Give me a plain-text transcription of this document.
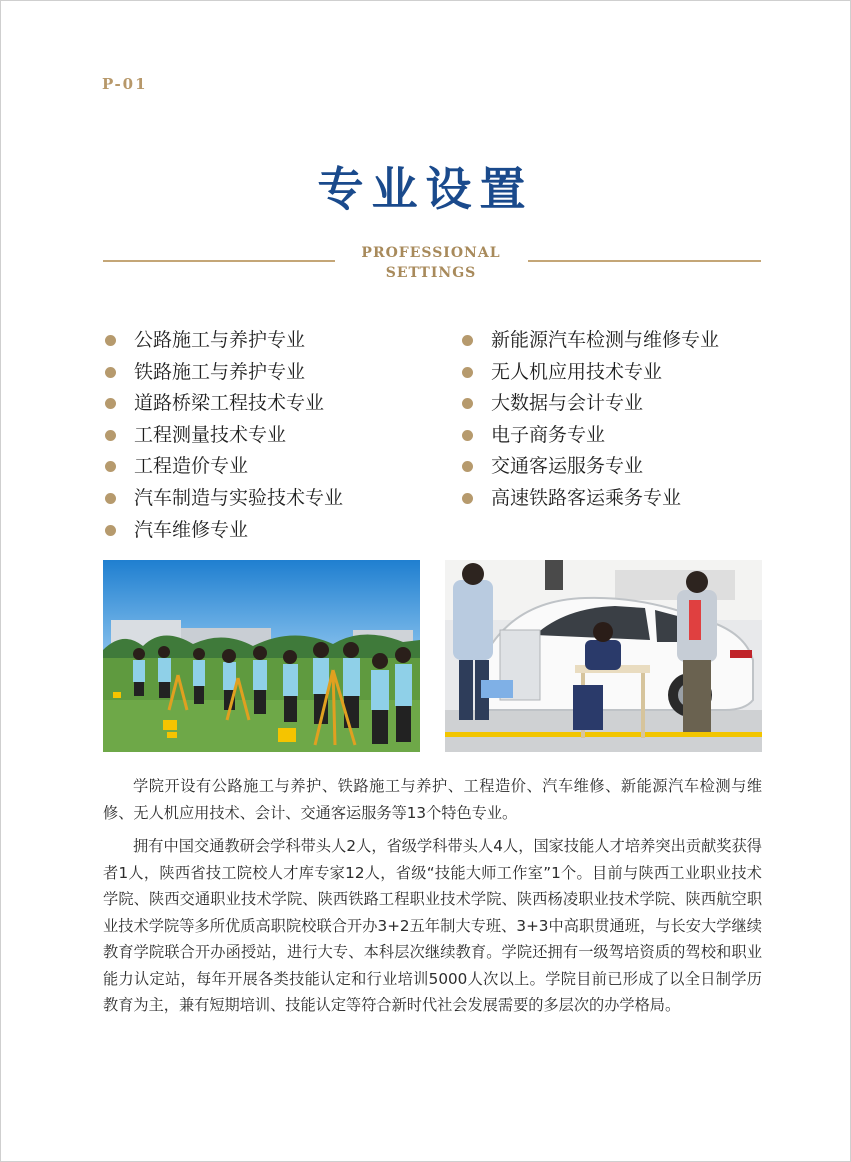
P-01
专业设置
PROFESSIONAL
SETTINGS
公路施工与养护专业
铁路施工与养护专业
道路桥梁工程技术专业
工程测量技术专业
工程造价专业
汽车制造与实验技术专业
汽车维修专业
新能源汽车检测与维修专业
无人机应用技术专业
大数据与会计专业
电子商务专业
交通客运服务专业
高速铁路客运乘务专业

学院开设有公路施工与养护、铁路施工与养护、工程造价、汽车维修、新能源汽车检测与维修、无人机应用技术、会计、交通客运服务等13个特色专业。

拥有中国交通教研会学科带头人2人，省级学科带头人4人，国家技能人才培养突出贡献奖获得者1人，陕西省技工院校人才库专家12人，省级“技能大师工作室”1个。目前与陕西工业职业技术学院、陕西交通职业技术学院、陕西铁路工程职业技术学院、陕西杨凌职业技术学院、陕西航空职业技术学院等多所优质高职院校联合开办3+2五年制大专班、3+3中高职贯通班，与长安大学继续教育学院联合开办函授站，进行大专、本科层次继续教育。学院还拥有一级驾培资质的驾校和职业能力认定站，每年开展各类技能认定和行业培训5000人次以上。学院目前已形成了以全日制学历教育为主，兼有短期培训、技能认定等符合新时代社会发展需要的多层次的办学格局。
